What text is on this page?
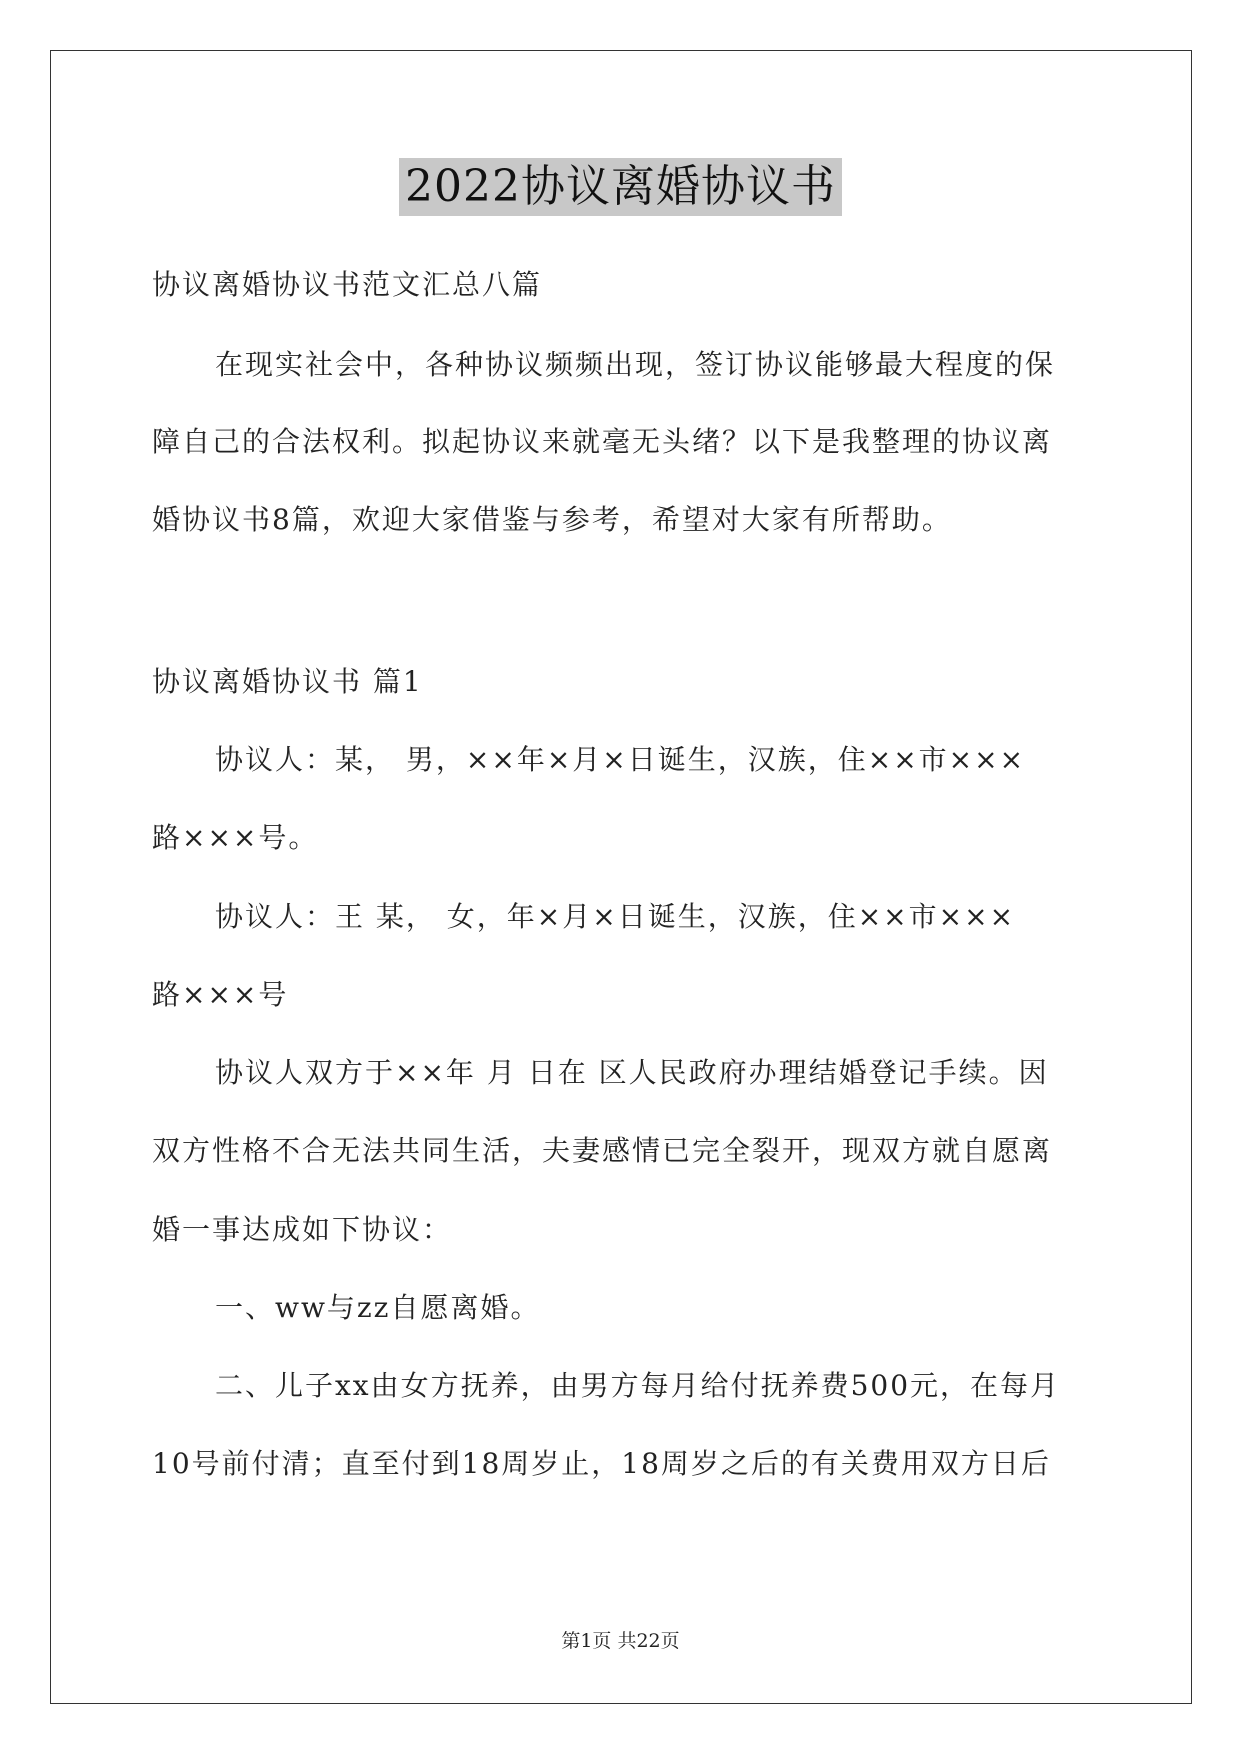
2022协议离婚协议书
协议离婚协议书范文汇总八篇
在现实社会中，各种协议频频出现，签订协议能够最大程度的保
障自己的合法权利。拟起协议来就毫无头绪？以下是我整理的协议离
婚协议书8篇，欢迎大家借鉴与参考，希望对大家有所帮助。
协议离婚协议书 篇1
协议人：某， 男，××年×月×日诞生，汉族，住××市×××
路×××号。
协议人：王 某， 女，年×月×日诞生，汉族，住××市×××
路×××号
协议人双方于××年 月 日在 区人民政府办理结婚登记手续。因
双方性格不合无法共同生活，夫妻感情已完全裂开，现双方就自愿离
婚一事达成如下协议：
一、ww与zz自愿离婚。
二、儿子xx由女方抚养，由男方每月给付抚养费500元，在每月
10号前付清；直至付到18周岁止，18周岁之后的有关费用双方日后
第1页 共22页
